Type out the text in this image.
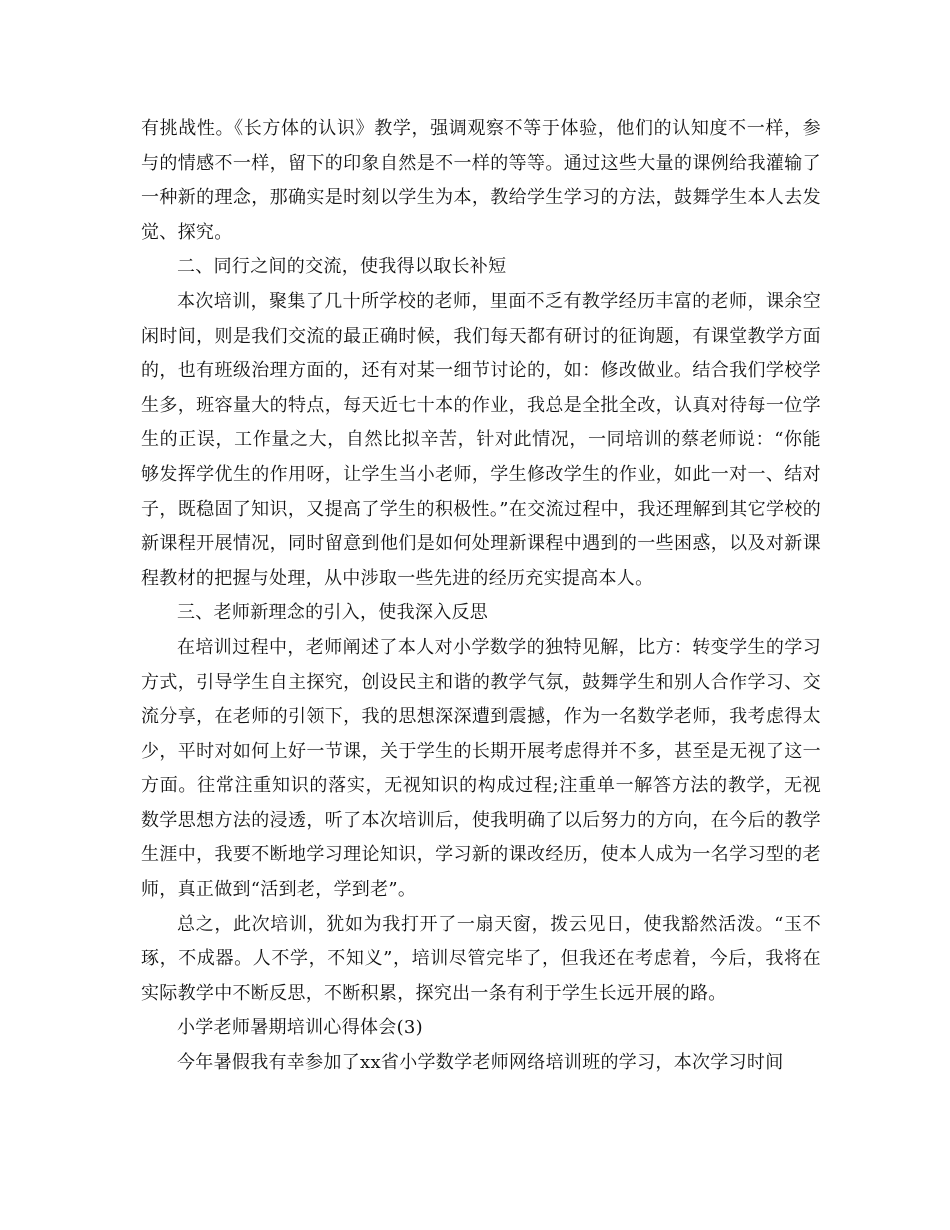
有挑战性。《长方体的认识》教学，强调观察不等于体验，他们的认知度不一样，参与的情感不一样，留下的印象自然是不一样的等等。通过这些大量的课例给我灌输了一种新的理念，那确实是时刻以学生为本，教给学生学习的方法，鼓舞学生本人去发觉、探究。

二、同行之间的交流，使我得以取长补短

本次培训，聚集了几十所学校的老师，里面不乏有教学经历丰富的老师，课余空闲时间，则是我们交流的最正确时候，我们每天都有研讨的征询题，有课堂教学方面的，也有班级治理方面的，还有对某一细节讨论的，如：修改做业。结合我们学校学生多，班容量大的特点，每天近七十本的作业，我总是全批全改，认真对待每一位学生的正误，工作量之大，自然比拟辛苦，针对此情况，一同培训的蔡老师说：“你能够发挥学优生的作用呀，让学生当小老师，学生修改学生的作业，如此一对一、结对子，既稳固了知识，又提高了学生的积极性。”在交流过程中，我还理解到其它学校的新课程开展情况，同时留意到他们是如何处理新课程中遇到的一些困惑，以及对新课程教材的把握与处理，从中涉取一些先进的经历充实提高本人。

三、老师新理念的引入，使我深入反思

在培训过程中，老师阐述了本人对小学数学的独特见解，比方：转变学生的学习方式，引导学生自主探究，创设民主和谐的教学气氛，鼓舞学生和别人合作学习、交流分享，在老师的引领下，我的思想深深遭到震撼，作为一名数学老师，我考虑得太少，平时对如何上好一节课，关于学生的长期开展考虑得并不多，甚至是无视了这一方面。往常注重知识的落实，无视知识的构成过程;注重单一解答方法的教学，无视数学思想方法的浸透，听了本次培训后，使我明确了以后努力的方向，在今后的教学生涯中，我要不断地学习理论知识，学习新的课改经历，使本人成为一名学习型的老师，真正做到“活到老，学到老”。

总之，此次培训，犹如为我打开了一扇天窗，拨云见日，使我豁然活泼。“玉不琢，不成器。人不学，不知义”，培训尽管完毕了，但我还在考虑着，今后，我将在实际教学中不断反思，不断积累，探究出一条有利于学生长远开展的路。

小学老师暑期培训心得体会(3)

今年暑假我有幸参加了xx省小学数学老师网络培训班的学习，本次学习时间
